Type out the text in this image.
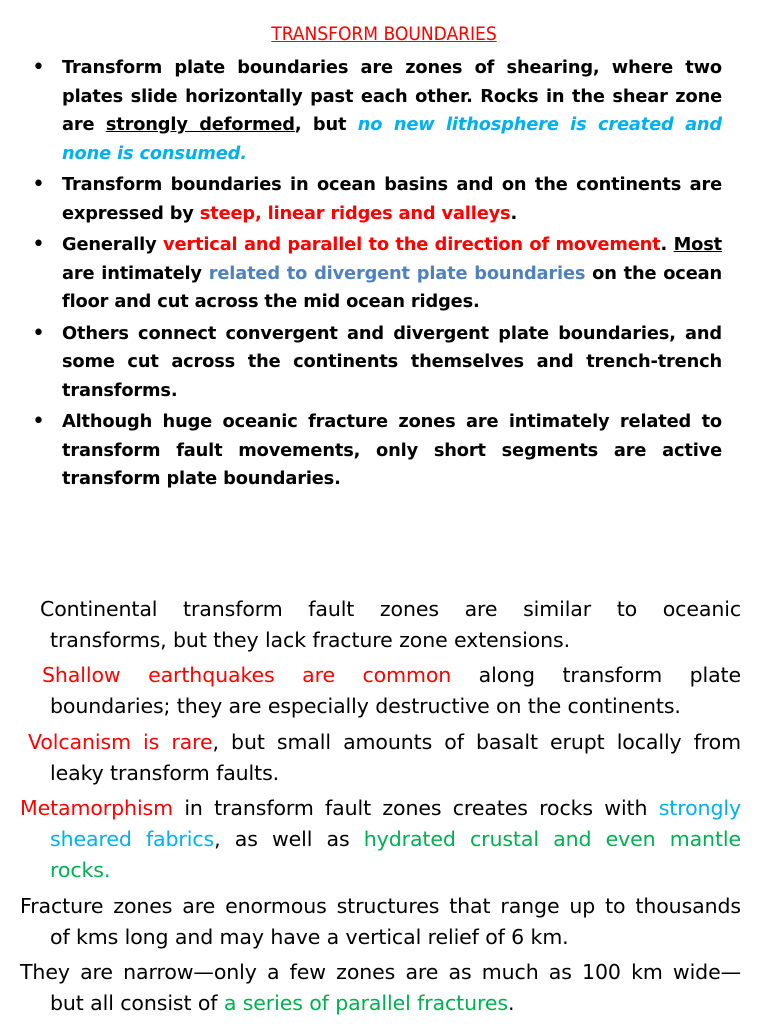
TRANSFORM BOUNDARIES
• Transform plate boundaries are zones of shearing, where two plates slide horizontally past each other. Rocks in the shear zone are strongly deformed, but no new lithosphere is created and none is consumed.
• Transform boundaries in ocean basins and on the continents are expressed by steep, linear ridges and valleys.
• Generally vertical and parallel to the direction of movement. Most are intimately related to divergent plate boundaries on the ocean floor and cut across the mid ocean ridges.
• Others connect convergent and divergent plate boundaries, and some cut across the continents themselves and trench-trench transforms.
• Although huge oceanic fracture zones are intimately related to transform fault movements, only short segments are active transform plate boundaries.
Continental transform fault zones are similar to oceanic
transforms, but they lack fracture zone extensions.
Shallow earthquakes are common along transform plate
boundaries; they are especially destructive on the continents.
Volcanism is rare, but small amounts of basalt erupt locally from
leaky transform faults.
Metamorphism in transform fault zones creates rocks with strongly
sheared fabrics, as well as hydrated crustal and even mantle
rocks.
Fracture zones are enormous structures that range up to thousands
of kms long and may have a vertical relief of 6 km.
They are narrow—only a few zones are as much as 100 km wide—
but all consist of a series of parallel fractures.
